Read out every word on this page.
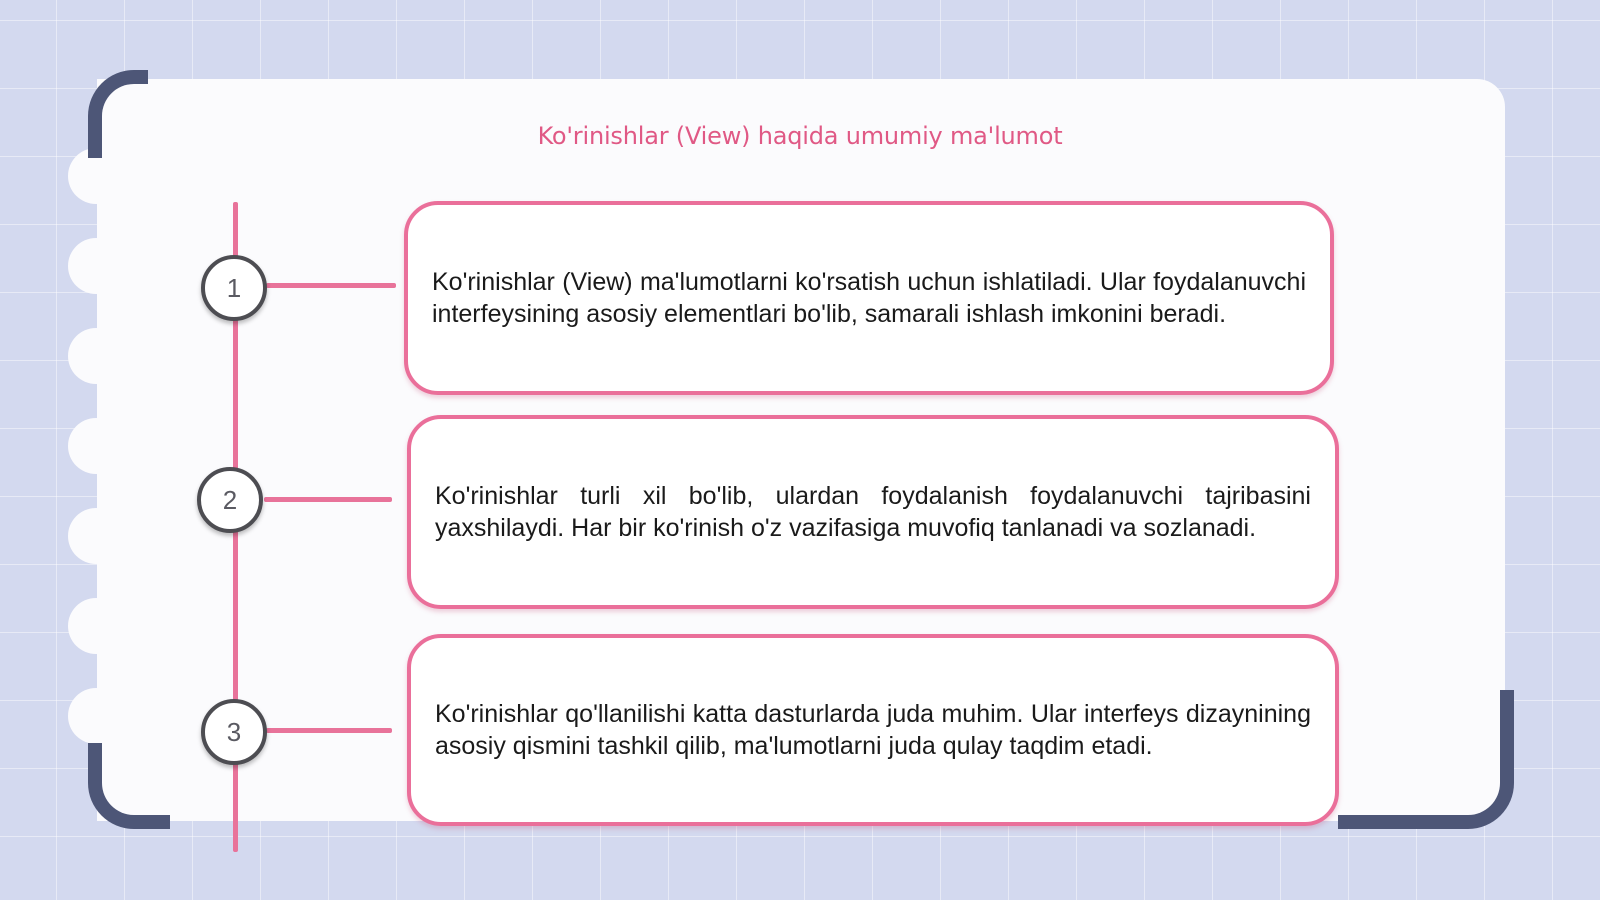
Ko'rinishlar (View) haqida umumiy ma'lumot
1	Ko'rinishlar (View) ma'lumotlarni ko'rsatish uchun ishlatiladi. Ular foydalanuvchi interfeysining asosiy elementlari bo'lib, samarali ishlash imkonini beradi.

2	Ko'rinishlar turli xil bo'lib, ulardan foydalanish foydalanuvchi tajribasini yaxshilaydi. Har bir ko'rinish o'z vazifasiga muvofiq tanlanadi va sozlanadi.

3

Ko'rinishlar qo'llanilishi katta dasturlarda juda muhim. Ular interfeys dizaynining asosiy qismini tashkil qilib, ma'lumotlarni juda qulay taqdim etadi.
